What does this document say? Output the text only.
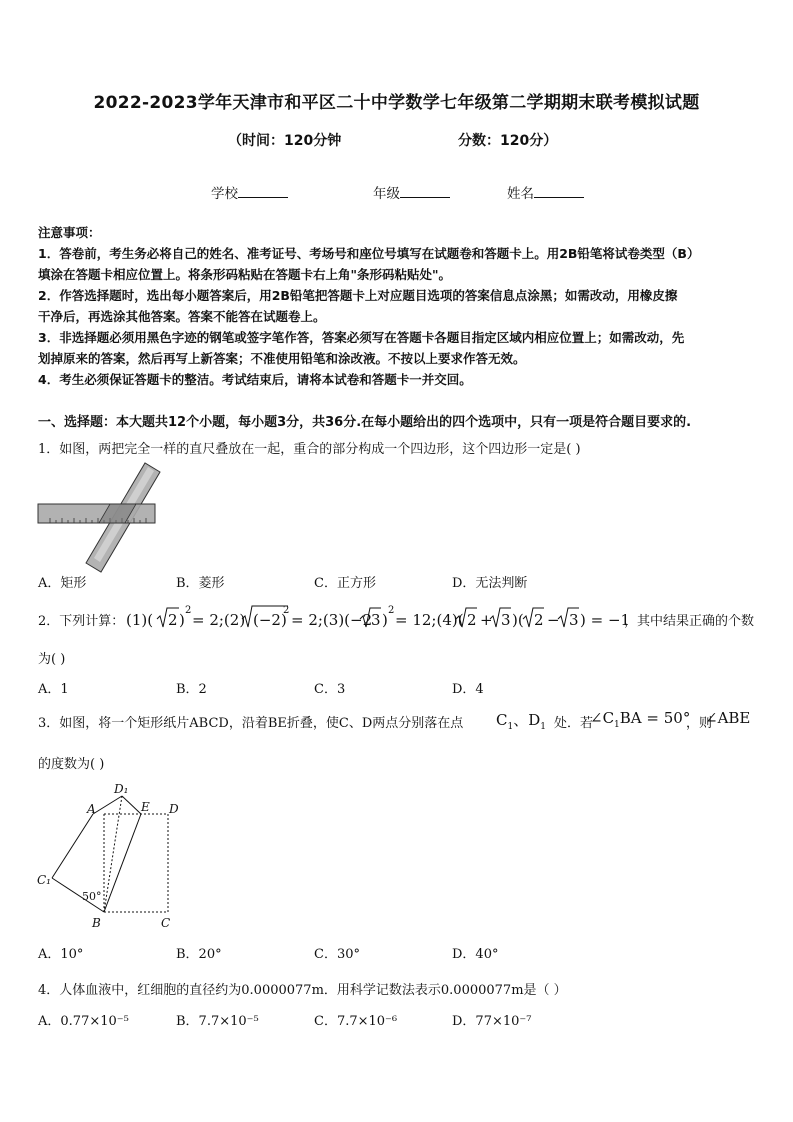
2022-2023学年天津市和平区二十中学数学七年级第二学期期末联考模拟试题
（时间：120分钟	分数：120分）
学校	年级	姓名
注意事项：
1．答卷前，考生务必将自己的姓名、准考证号、考场号和座位号填写在试题卷和答题卡上。用2B铅笔将试卷类型（B）
填涂在答题卡相应位置上。将条形码粘贴在答题卡右上角"条形码粘贴处"。
2．作答选择题时，选出每小题答案后，用2B铅笔把答题卡上对应题目选项的答案信息点涂黑；如需改动，用橡皮擦
干净后，再选涂其他答案。答案不能答在试题卷上。
3．非选择题必须用黑色字迹的钢笔或签字笔作答，答案必须写在答题卡各题目指定区域内相应位置上；如需改动，先
划掉原来的答案，然后再写上新答案；不准使用铅笔和涂改液。不按以上要求作答无效。
4．考生必须保证答题卡的整洁。考试结束后，请将本试卷和答题卡一并交回。
一、选择题：本大题共12个小题，每小题3分，共36分.在每小题给出的四个选项中，只有一项是符合题目要求的.
1．如图，两把完全一样的直尺叠放在一起，重合的部分构成一个四边形，这个四边形一定是( )
A．矩形	B．菱形	C．正方形	D．无法判断
2．下列计算： (1)( 2 )
2
= 2;(2) (−2)
2
= 2;(3)(−2
3 )
2
= 12;(4)( 2 + 3 )( 2 − 3 ) = −1
，其中结果正确的个数
为( )
A．1	B．2	C．3	D．4
3．如图，将一个矩形纸片ABCD，沿着BE折叠，使C、D两点分别落在点 $C_1$、$D_1$ 处．若
$\angle C_1BA = 50^\circ$
，则
∠ABE
的度数为( )
D₁
A	E D
C₁
50°
B	C
A．10°	B．20°	C．30°	D．40°
4．人体血液中，红细胞的直径约为0.0000077m．用科学记数法表示0.0000077m是（ ）
A．0.77×10⁻⁵	B．7.7×10⁻⁵	C．7.7×10⁻⁶	D．77×10⁻⁷
